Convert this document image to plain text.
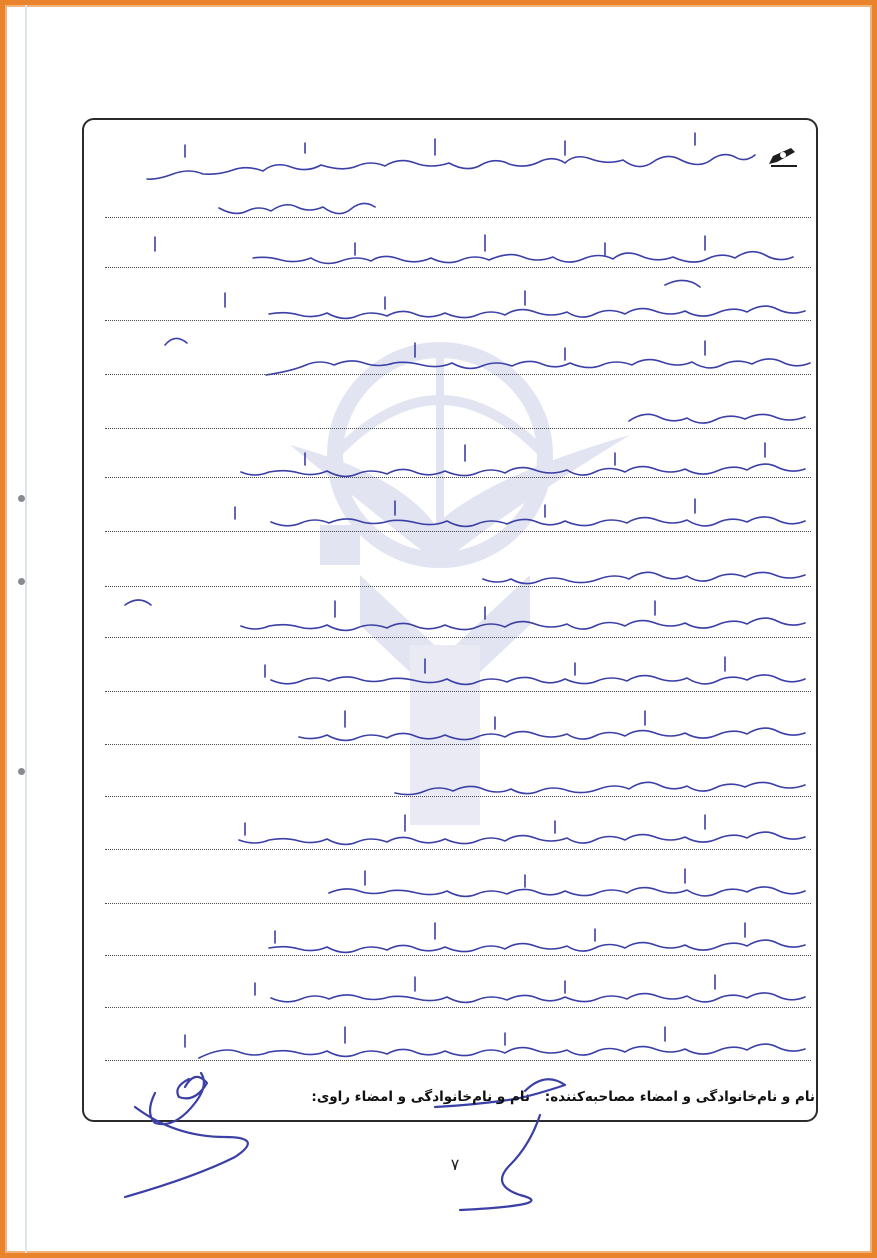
نام و نام‌خانوادگی و امضاء مصاحبه‌کننده:
نام و نام‌خانوادگی و امضاء راوی:
۷
